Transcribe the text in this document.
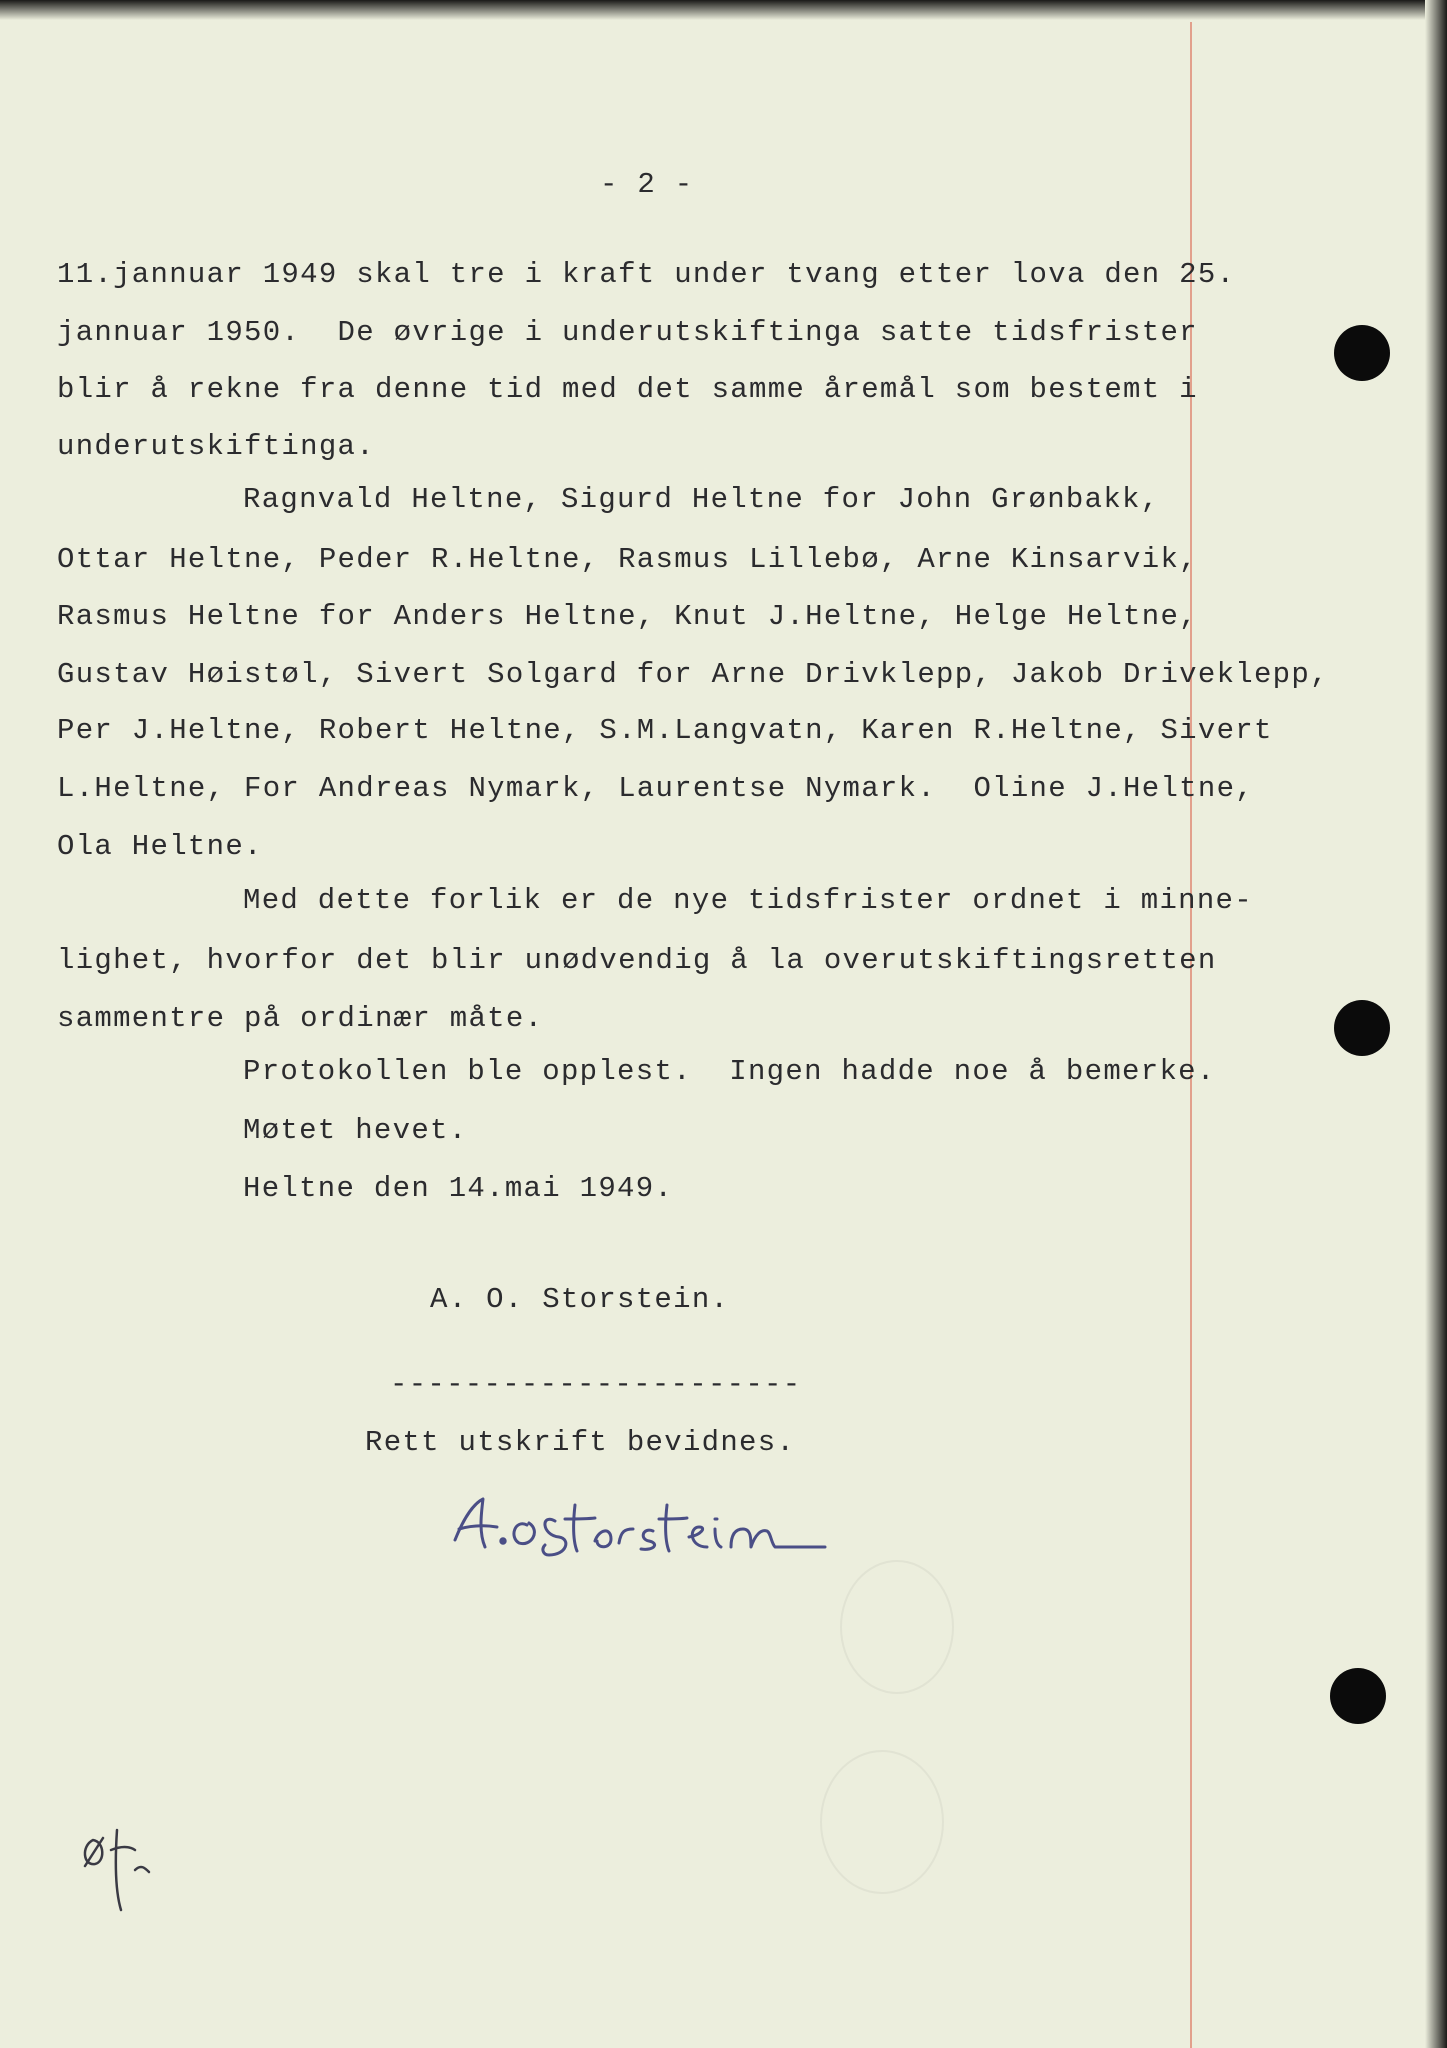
- 2 -

11.jannuar 1949 skal tre i kraft under tvang etter lova den 25.

jannuar 1950.  De øvrige i underutskiftinga satte tidsfrister

blir å rekne fra denne tid med det samme åremål som bestemt i

underutskiftinga.

Ragnvald Heltne, Sigurd Heltne for John Grønbakk,

Ottar Heltne, Peder R.Heltne, Rasmus Lillebø, Arne Kinsarvik,

Rasmus Heltne for Anders Heltne, Knut J.Heltne, Helge Heltne,

Gustav Høistøl, Sivert Solgard for Arne Drivklepp, Jakob Driveklepp,

Per J.Heltne, Robert Heltne, S.M.Langvatn, Karen R.Heltne, Sivert

L.Heltne, For Andreas Nymark, Laurentse Nymark.  Oline J.Heltne,

Ola Heltne.

Med dette forlik er de nye tidsfrister ordnet i minne-

lighet, hvorfor det blir unødvendig å la overutskiftingsretten

sammentre på ordinær måte.

Protokollen ble opplest.  Ingen hadde noe å bemerke.

Møtet hevet.

Heltne den 14.mai 1949.

A. O. Storstein.

----------------------

Rett utskrift bevidnes.
